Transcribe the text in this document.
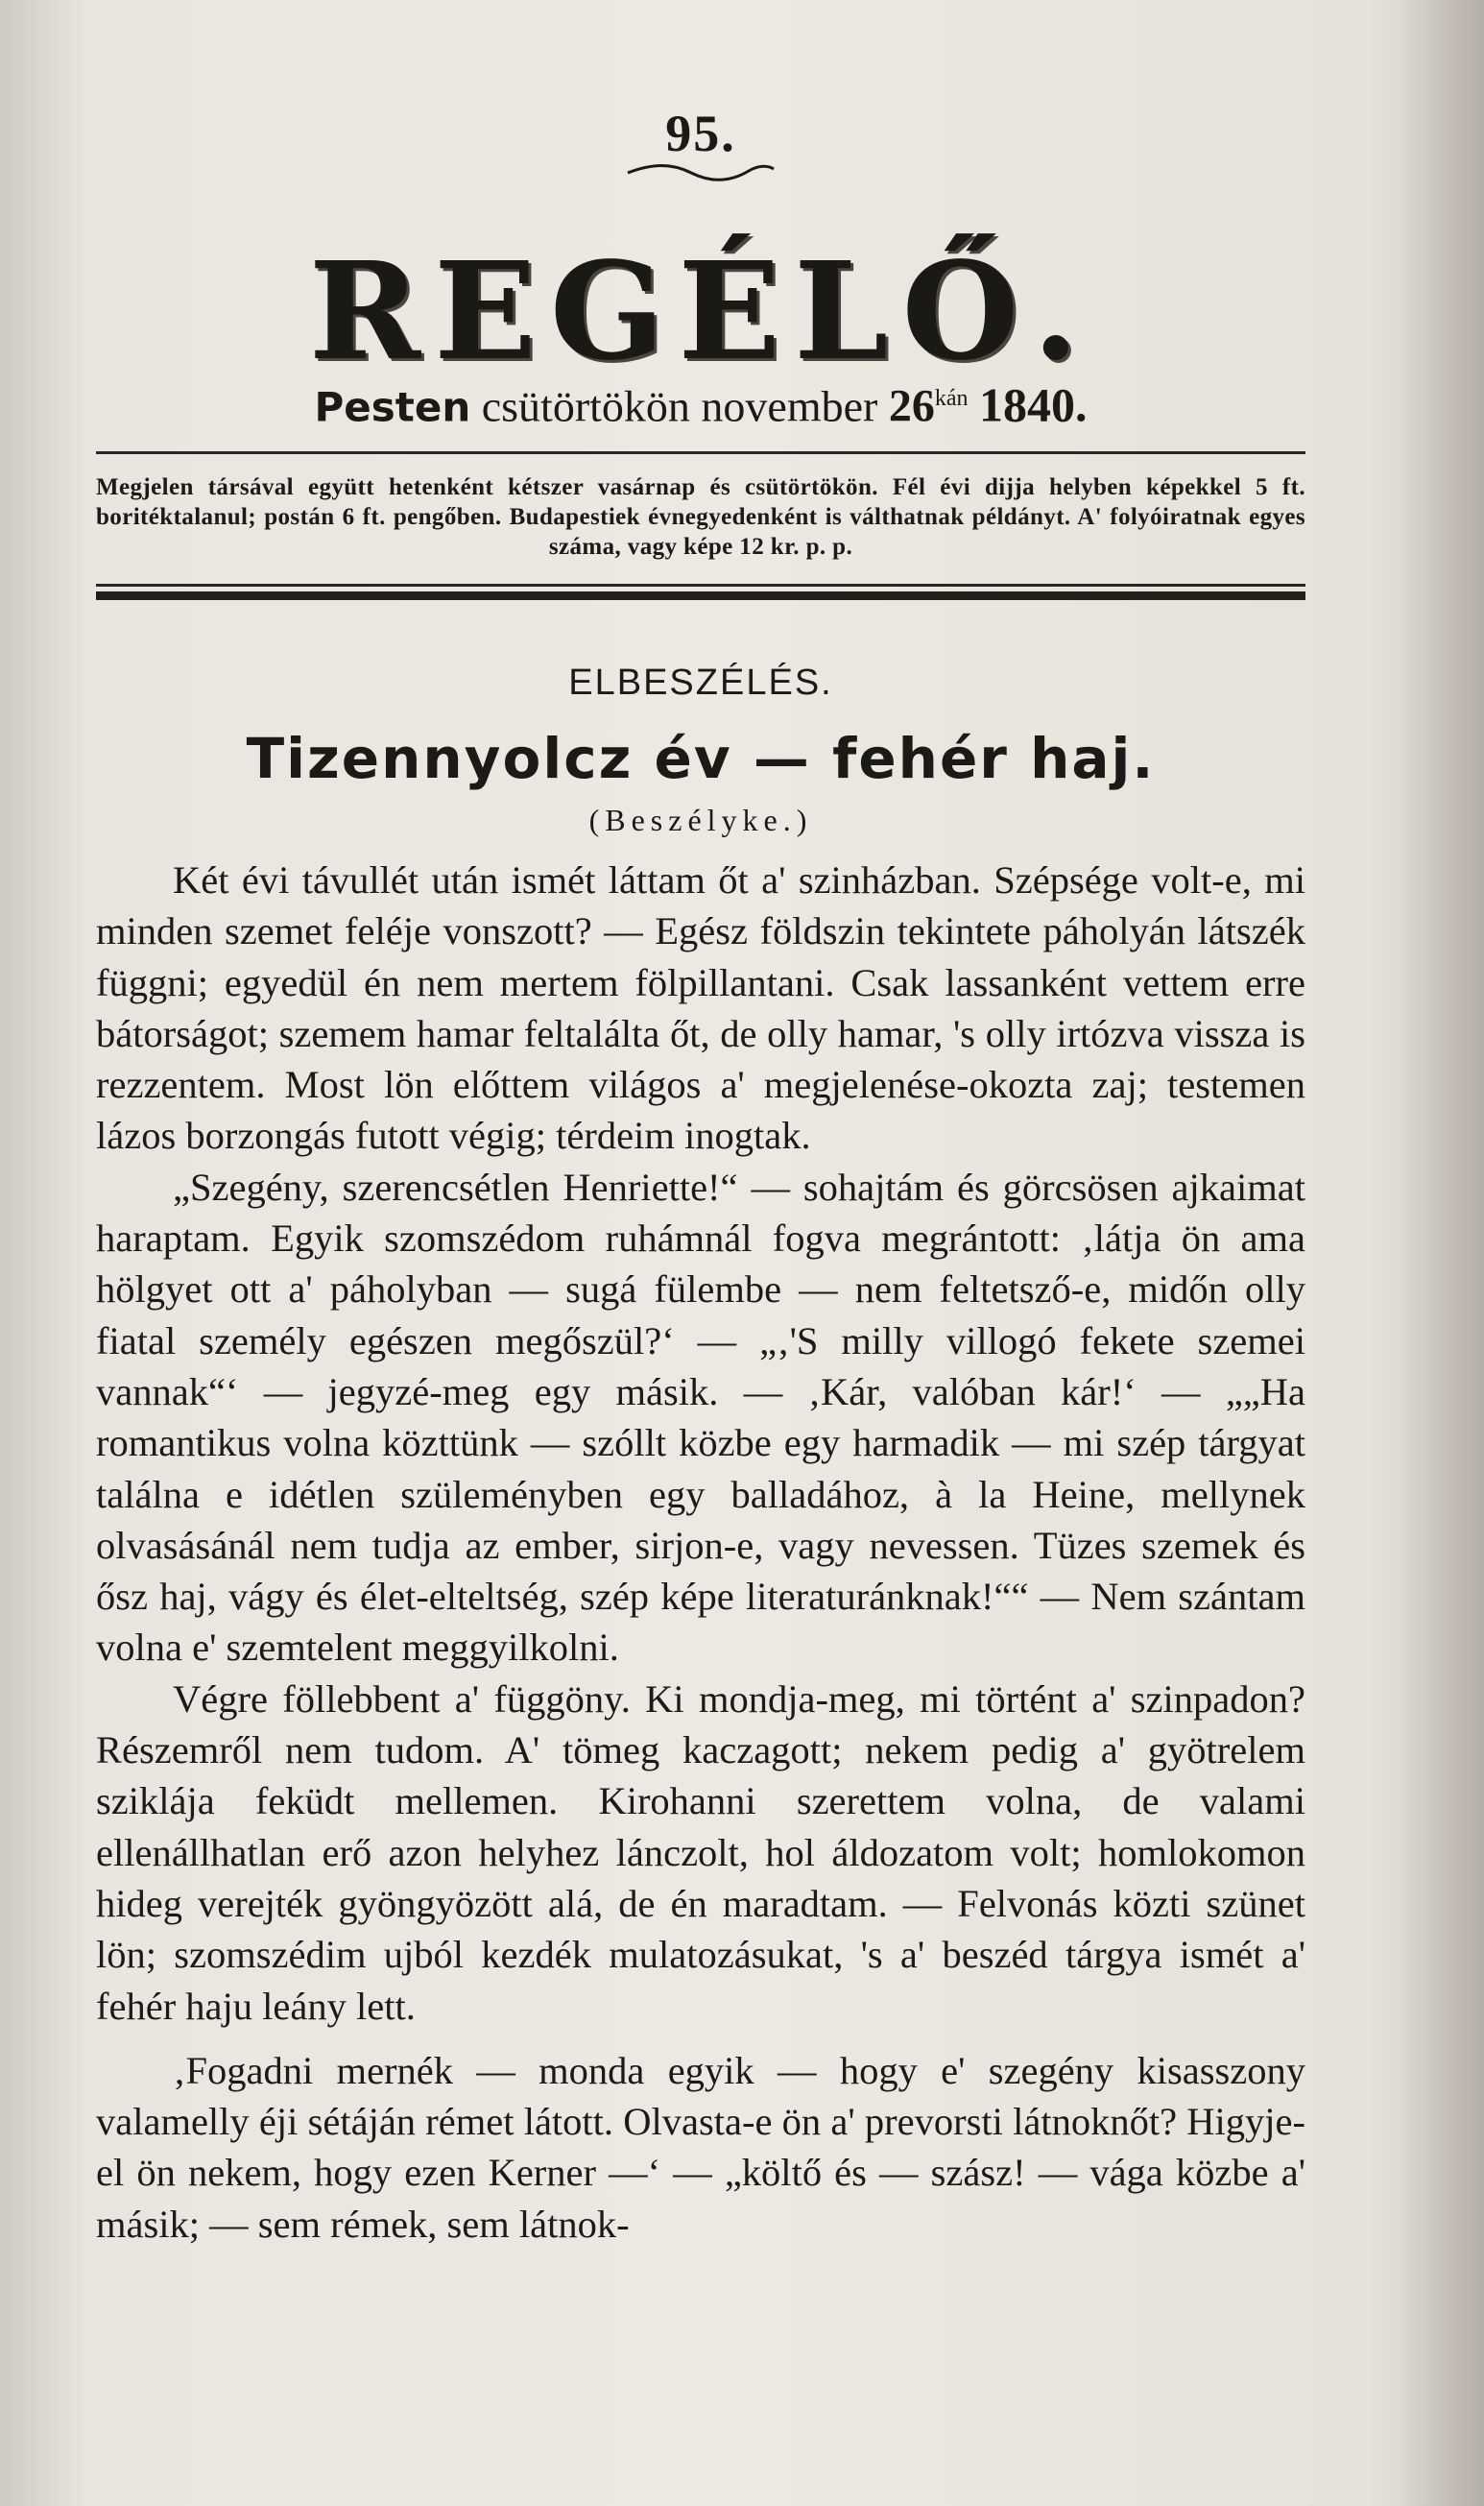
95.
REGÉLŐ.
Pesten csütörtökön november $26^{kán}$ 1840.
Megjelen társával együtt hetenként kétszer vasárnap és csütörtökön. Fél évi dijja helyben képekkel 5 ft. boritéktalanul; postán 6 ft. pengőben. Budapestiek évnegyedenként is válthatnak példányt. A' folyóiratnak egyes száma, vagy képe 12 kr. p. p.
ELBESZÉLÉS.
Tizennyolcz év — fehér haj.
(Beszélyke.)

Két évi távullét után ismét láttam őt a' szinházban. Szépsége volt-e, mi minden szemet feléje vonszott? — Egész földszin tekintete páholyán látszék függni; egyedül én nem mertem fölpillantani. Csak lassanként vettem erre bátorságot; szemem hamar feltalálta őt, de olly hamar, 's olly irtózva vissza is rezzentem. Most lön előttem világos a' megjelenése-okozta zaj; testemen lázos borzongás futott végig; térdeim inogtak.

„Szegény, szerencsétlen Henriette!“ — sohajtám és görcsösen ajkaimat haraptam. Egyik szomszédom ruhámnál fogva megrántott: ‚látja ön ama hölgyet ott a' páholyban — sugá fülembe — nem feltetsző-e, midőn olly fiatal személy egészen megőszül?‘ — „‚'S milly villogó fekete szemei vannak“‘ — jegyzé-meg egy másik. — ‚Kár, valóban kár!‘ — „„Ha romantikus volna közttünk — szóllt közbe egy harmadik — mi szép tárgyat találna e idétlen szüleményben egy balladához, à la Heine, mellynek olvasásánál nem tudja az ember, sirjon-e, vagy nevessen. Tüzes szemek és ősz haj, vágy és élet-elteltség, szép képe literaturánknak!““ — Nem szántam volna e' szemtelent meggyilkolni.

Végre föllebbent a' függöny. Ki mondja-meg, mi történt a' szinpadon? Részemről nem tudom. A' tömeg kaczagott; nekem pedig a' gyötrelem sziklája feküdt mellemen. Kirohanni szerettem volna, de valami ellenállhatlan erő azon helyhez lánczolt, hol áldozatom volt; homlokomon hideg verejték gyöngyözött alá, de én maradtam. — Felvonás közti szünet lön; szomszédim ujból kezdék mulatozásukat, 's a' beszéd tárgya ismét a' fehér haju leány lett.

‚Fogadni mernék — monda egyik — hogy e' szegény kisasszony valamelly éji sétáján rémet látott. Olvasta-e ön a' prevorsti látnoknőt? Higyje-el ön nekem, hogy ezen Kerner —‘ — „költő és — szász! — vága közbe a' másik; — sem rémek, sem látnok-
